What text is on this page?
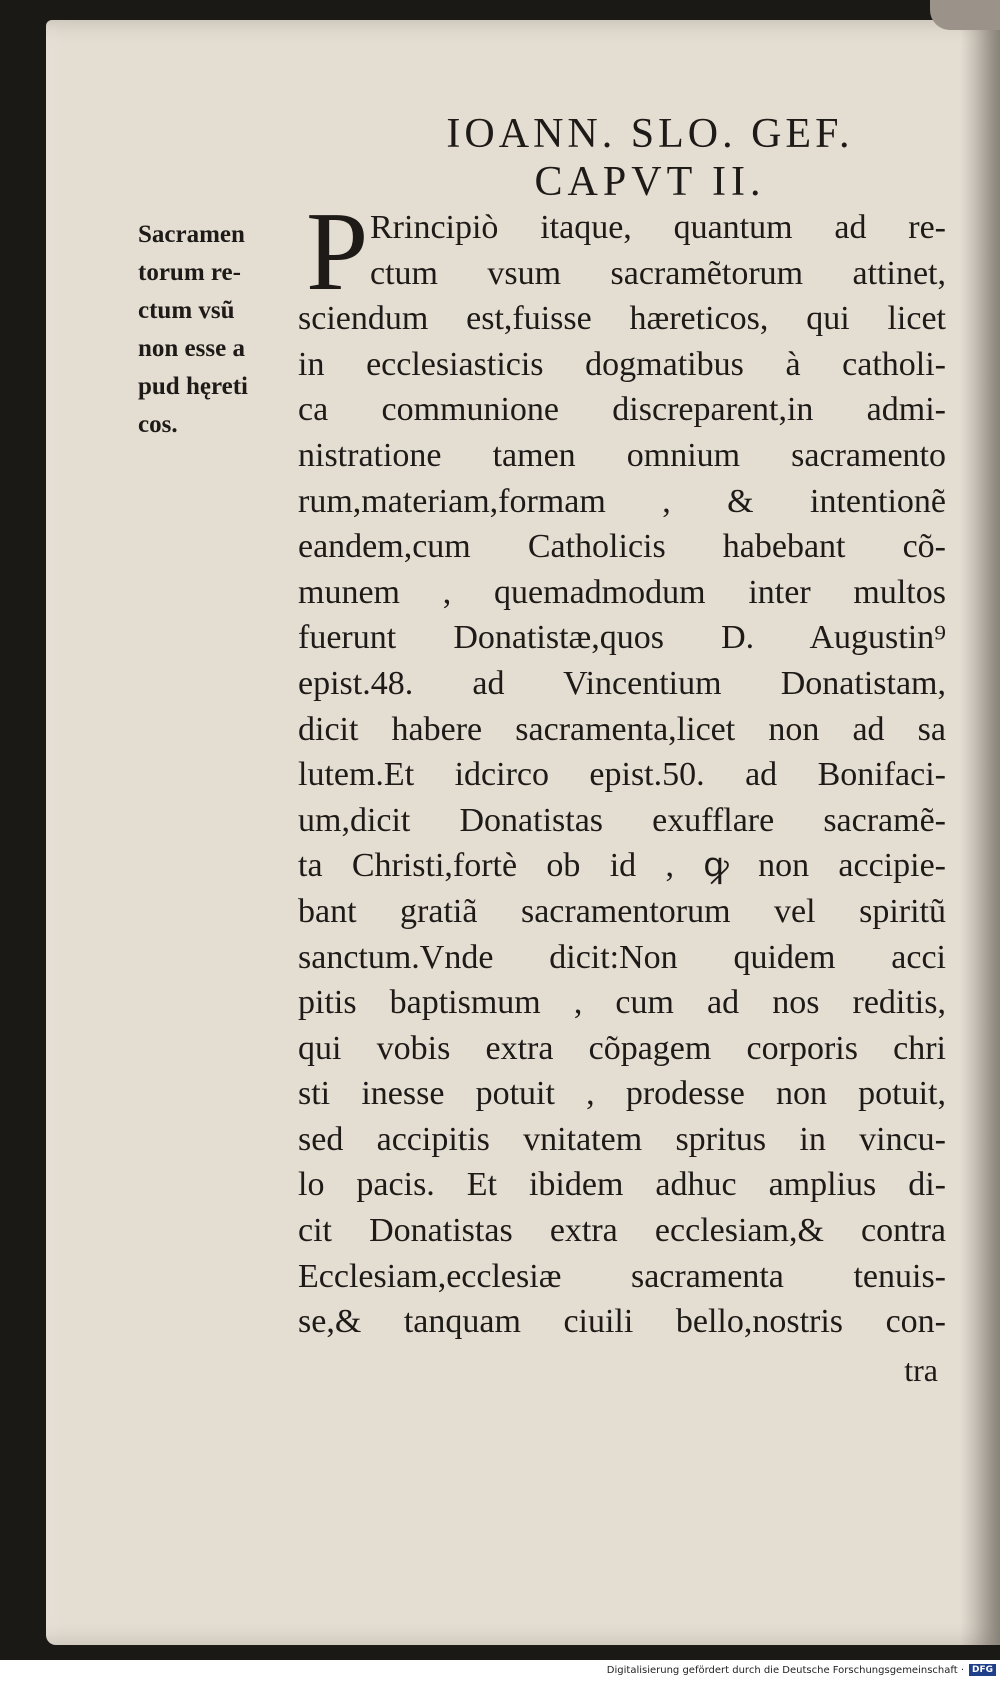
IOANN. SLO. GEF.
CAPVT II.
Sacramen
torum re-
ctum vsũ
non esse a
pud hęreti
cos.
P Rrincipiò itaque, quantum ad re-
ctum vsum sacramẽtorum attinet,
sciendum est,fuisse hæreticos, qui licet
in ecclesiasticis dogmatibus à catholi-
ca communione discreparent,in admi-
nistratione tamen omnium sacramento
rum,materiam,formam , & intentionẽ
eandem,cum Catholicis habebant cõ-
munem , quemadmodum inter multos
fuerunt Donatistæ,quos D. Augustin⁹
epist.48. ad Vincentium Donatistam,
dicit habere sacramenta,licet non ad sa
lutem.Et idcirco epist.50. ad Bonifaci-
um,dicit Donatistas exufflare sacramẽ-
ta Christi,fortè ob id , ꝙ non accipie-
bant gratiã sacramentorum vel spiritũ
sanctum.Vnde dicit:Non quidem acci
pitis baptismum , cum ad nos reditis,
qui vobis extra cõpagem corporis chri
sti inesse potuit , prodesse non potuit,
sed accipitis vnitatem spritus in vincu-
lo pacis. Et ibidem adhuc amplius di-
cit Donatistas extra ecclesiam,& contra
Ecclesiam,ecclesiæ sacramenta tenuis-
se,& tanquam ciuili bello,nostris con-
tra
Digitalisierung gefördert durch die Deutsche Forschungsgemeinschaft · DFG
